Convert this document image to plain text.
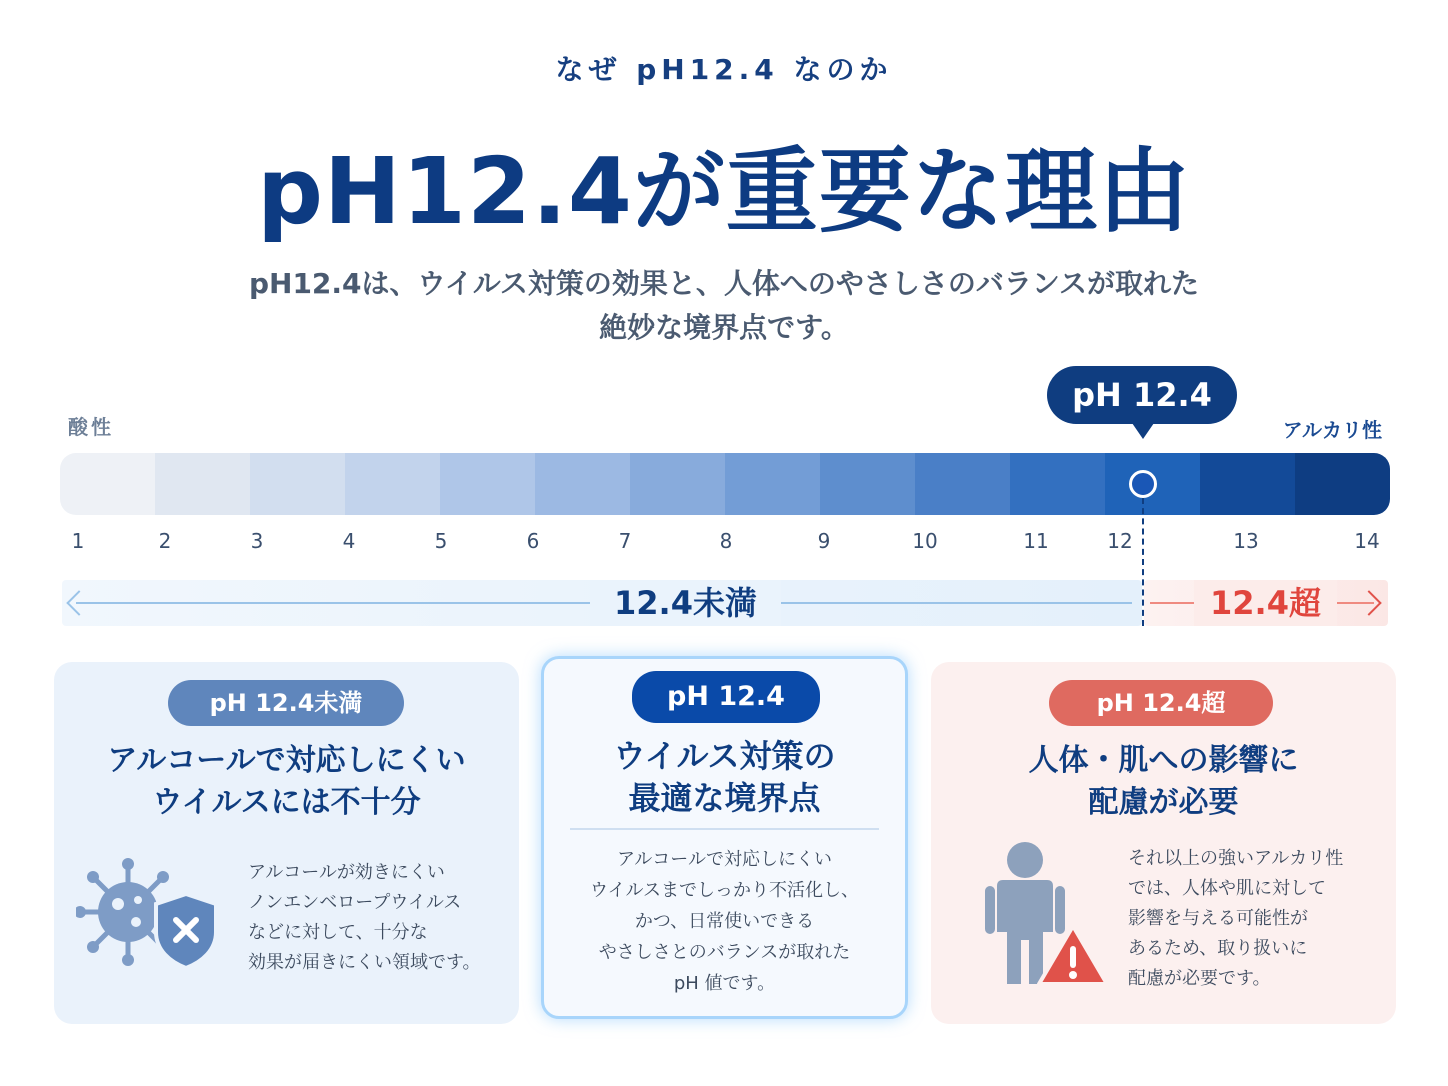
なぜ pH12.4 なのか
pH12.4が重要な理由
pH12.4は、ウイルス対策の効果と、人体へのやさしさのバランスが取れた
絶妙な境界点です。
酸性	アルカリ性
pH 12.4
1	2	3	4	5	6	7	8	9	10	11	12	13	14
12.4未満	12.4超
pH 12.4未満
アルコールで対応しにくい
ウイルスには不十分
アルコールが効きにくい
ノンエンベロープウイルス
などに対して、十分な
効果が届きにくい領域です。
pH 12.4
ウイルス対策の
最適な境界点
アルコールで対応しにくい
ウイルスまでしっかり不活化し、
かつ、日常使いできる
やさしさとのバランスが取れた
pH 値です。
pH 12.4超
人体・肌への影響に
配慮が必要
それ以上の強いアルカリ性
では、人体や肌に対して
影響を与える可能性が
あるため、取り扱いに
配慮が必要です。
